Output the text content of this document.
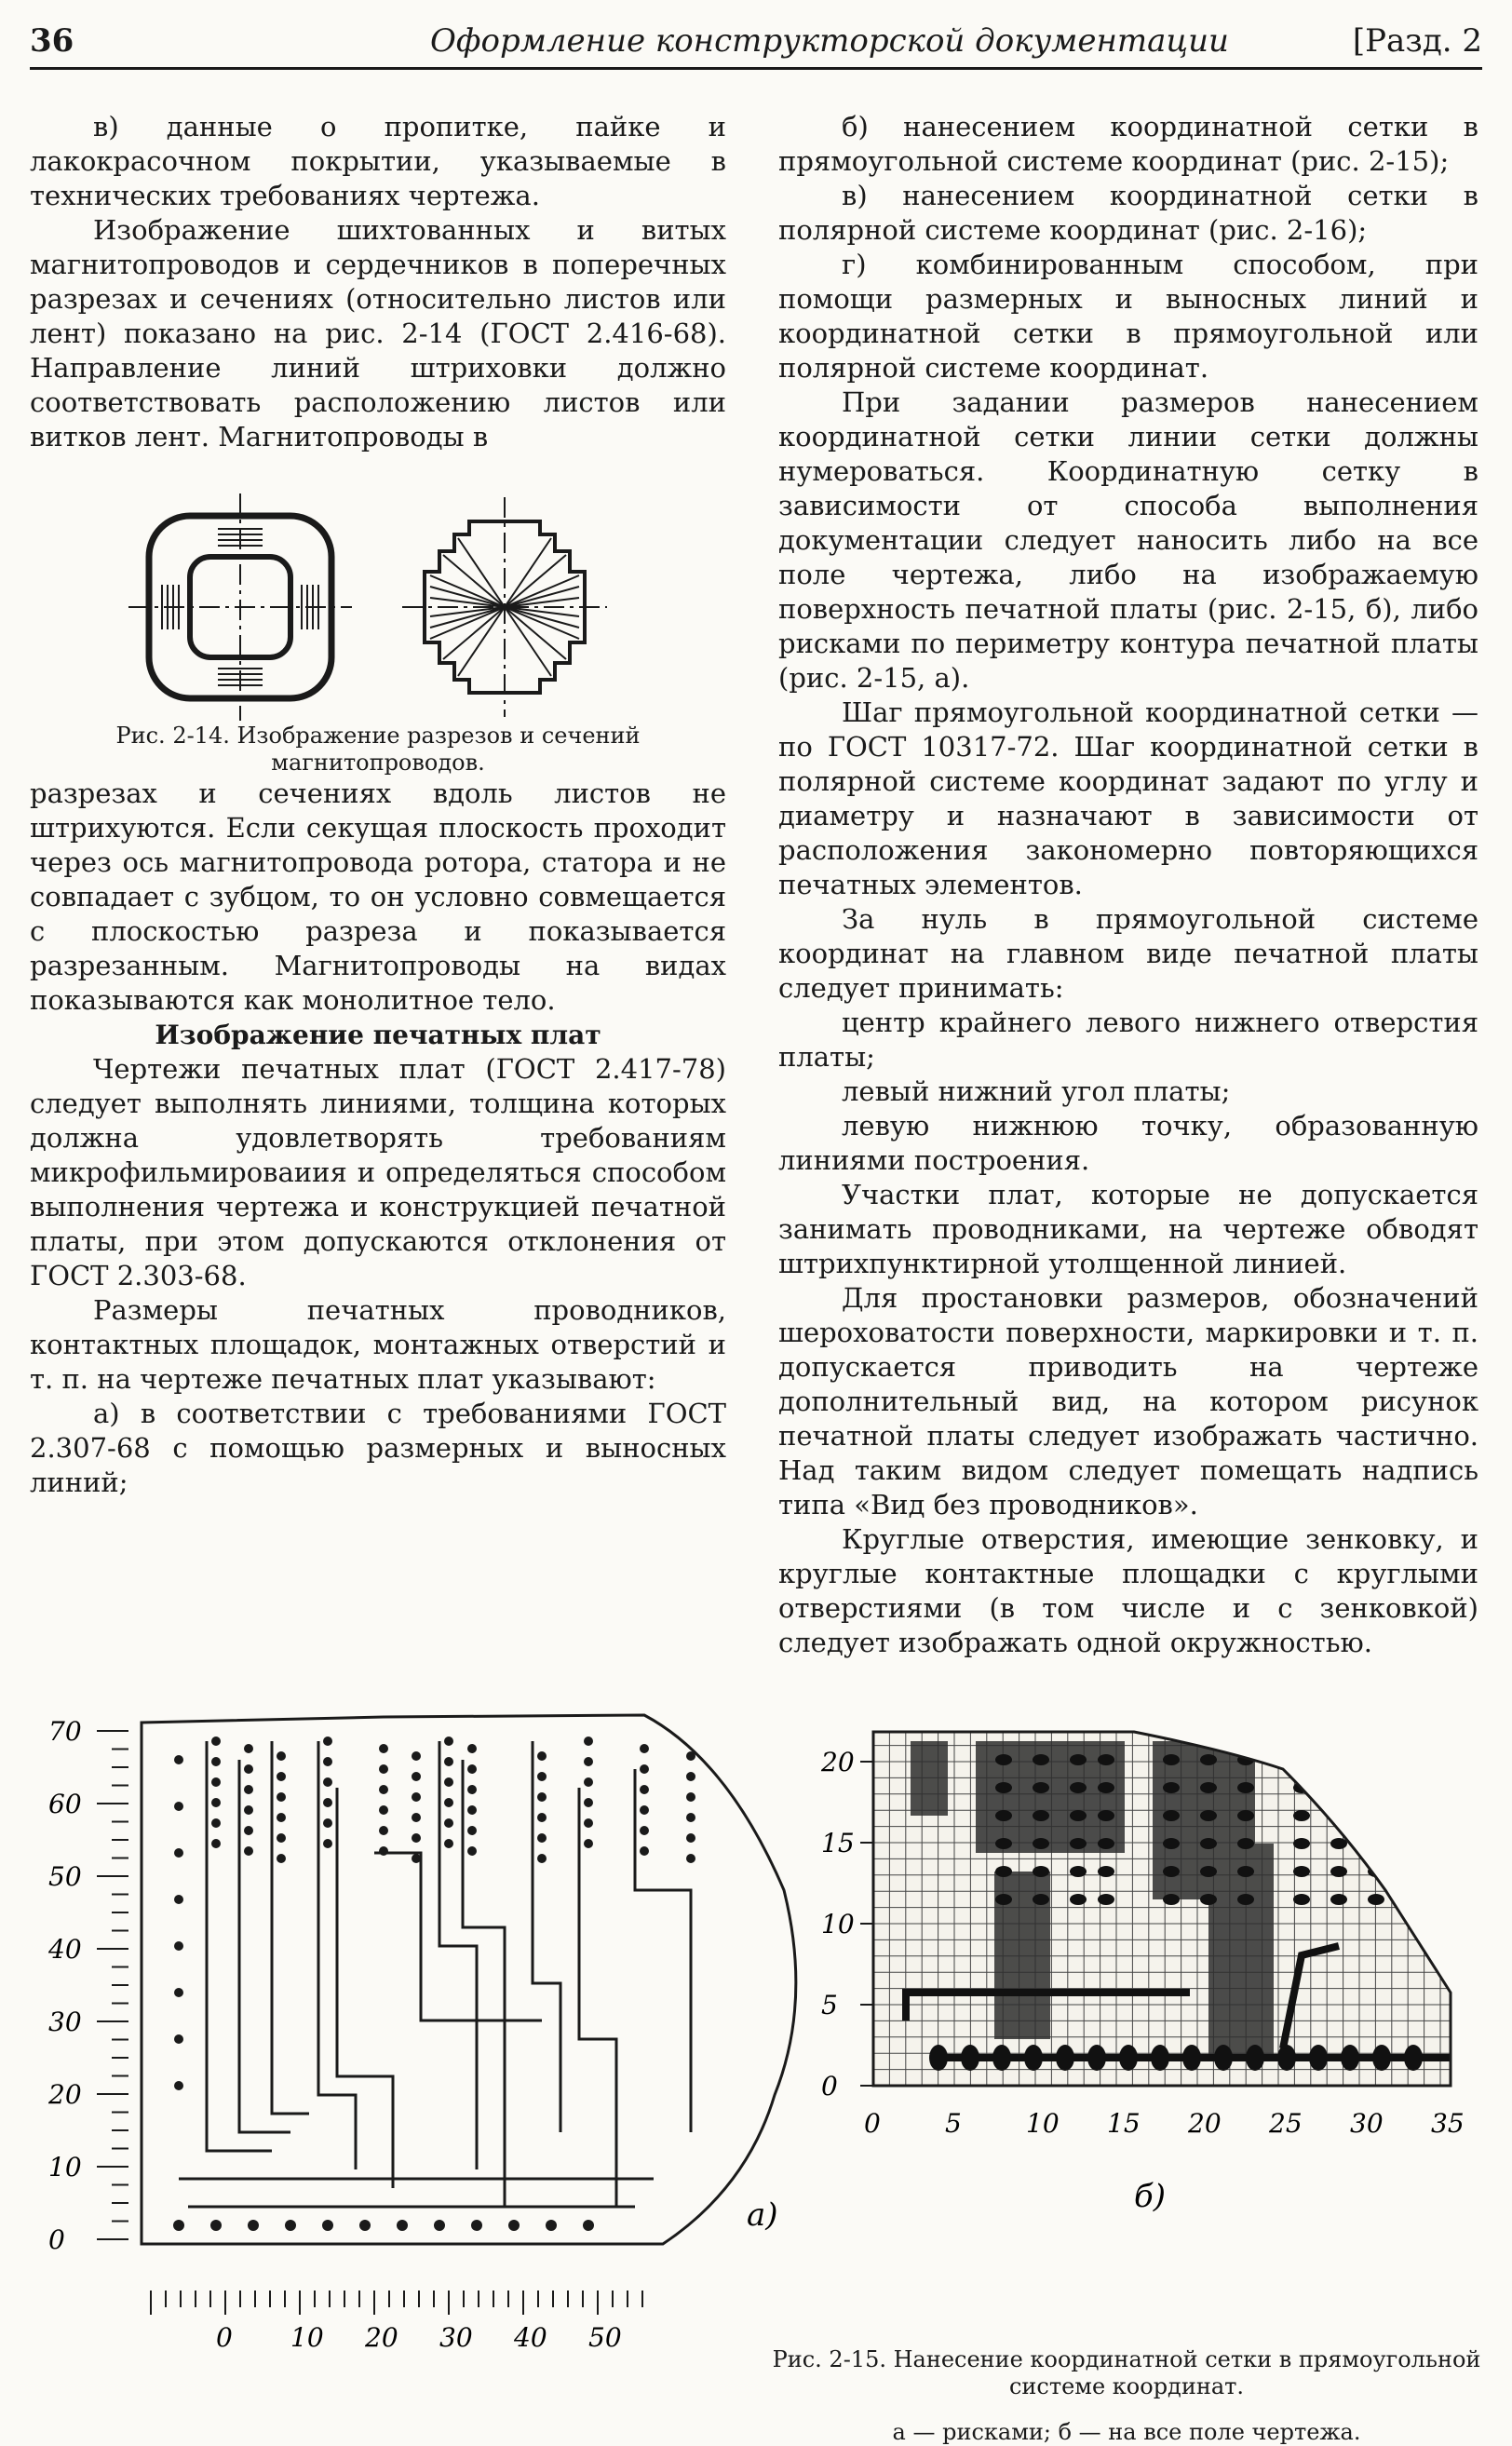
36	Оформление конструкторской документации	[Разд. 2

в) данные о пропитке, пайке и лакокрасочном покрытии, указываемые в технических требованиях чертежа.

Изображение шихтованных и витых магнитопроводов и сердечников в поперечных разрезах и сечениях (относительно листов или лент) показано на рис. 2-14 (ГОСТ 2.416-68). Направление линий штриховки должно соответствовать расположению листов или витков лент. Магнитопроводы в

Рис. 2-14. Изображение разрезов и сечений магнитопроводов.

разрезах и сечениях вдоль листов не штрихуются. Если секущая плоскость проходит через ось магнитопровода ротора, статора и не совпадает с зубцом, то он условно совмещается с плоскостью разреза и показывается разрезанным. Магнитопроводы на видах показываются как монолитное тело.

Изображение печатных плат

Чертежи печатных плат (ГОСТ 2.417-78) следует выполнять линиями, толщина которых должна удовлетворять требованиям микрофильмироваиия и определяться способом выполнения чертежа и конструкцией печатной платы, при этом допускаются отклонения от ГОСТ 2.303-68.

Размеры печатных проводников, контактных площадок, монтажных отверстий и т. п. на чертеже печатных плат указывают:

а) в соответствии с требованиями ГОСТ 2.307-68 с помощью размерных и выносных линий;

б) нанесением координатной сетки в прямоугольной системе координат (рис. 2-15);

в) нанесением координатной сетки в полярной системе координат (рис. 2-16);

г) комбинированным способом, при помощи размерных и выносных линий и координатной сетки в прямоугольной или полярной системе координат.

При задании размеров нанесением координатной сетки линии сетки должны нумероваться. Координатную сетку в зависимости от способа выполнения документации следует наносить либо на все поле чертежа, либо на изображаемую поверхность печатной платы (рис. 2-15, б), либо рисками по периметру контура печатной платы (рис. 2-15, а).

Шаг прямоугольной координатной сетки — по ГОСТ 10317-72. Шаг координатной сетки в полярной системе координат задают по углу и диаметру и назначают в зависимости от расположения закономерно повторяющихся печатных элементов.

За нуль в прямоугольной системе координат на главном виде печатной платы следует принимать:

центр крайнего левого нижнего отверстия платы;

левый нижний угол платы;

левую нижнюю точку, образованную линиями построения.

Участки плат, которые не допускается занимать проводниками, на чертеже обводят штрихпунктирной утолщенной линией.

Для простановки размеров, обозначений шероховатости поверхности, маркировки и т. п. допускается приводить на чертеже дополнительный вид, на котором рисунок печатной платы следует изображать частично. Над таким видом следует помещать надпись типа «Вид без проводников».

Круглые отверстия, имеющие зенковку, и круглые контактные площадки с круглыми отверстиями (в том числе и с зенковкой) следует изображать одной окружностью.

70
60
50
40
30
20
10
0
0 10 20 30 40 50
а)
20
15
10
5
0
0 5 10 15 20 25 30 35
б)
Рис. 2-15. Нанесение координатной сетки в прямоугольной системе координат.
а — рисками; б — на все поле чертежа.
